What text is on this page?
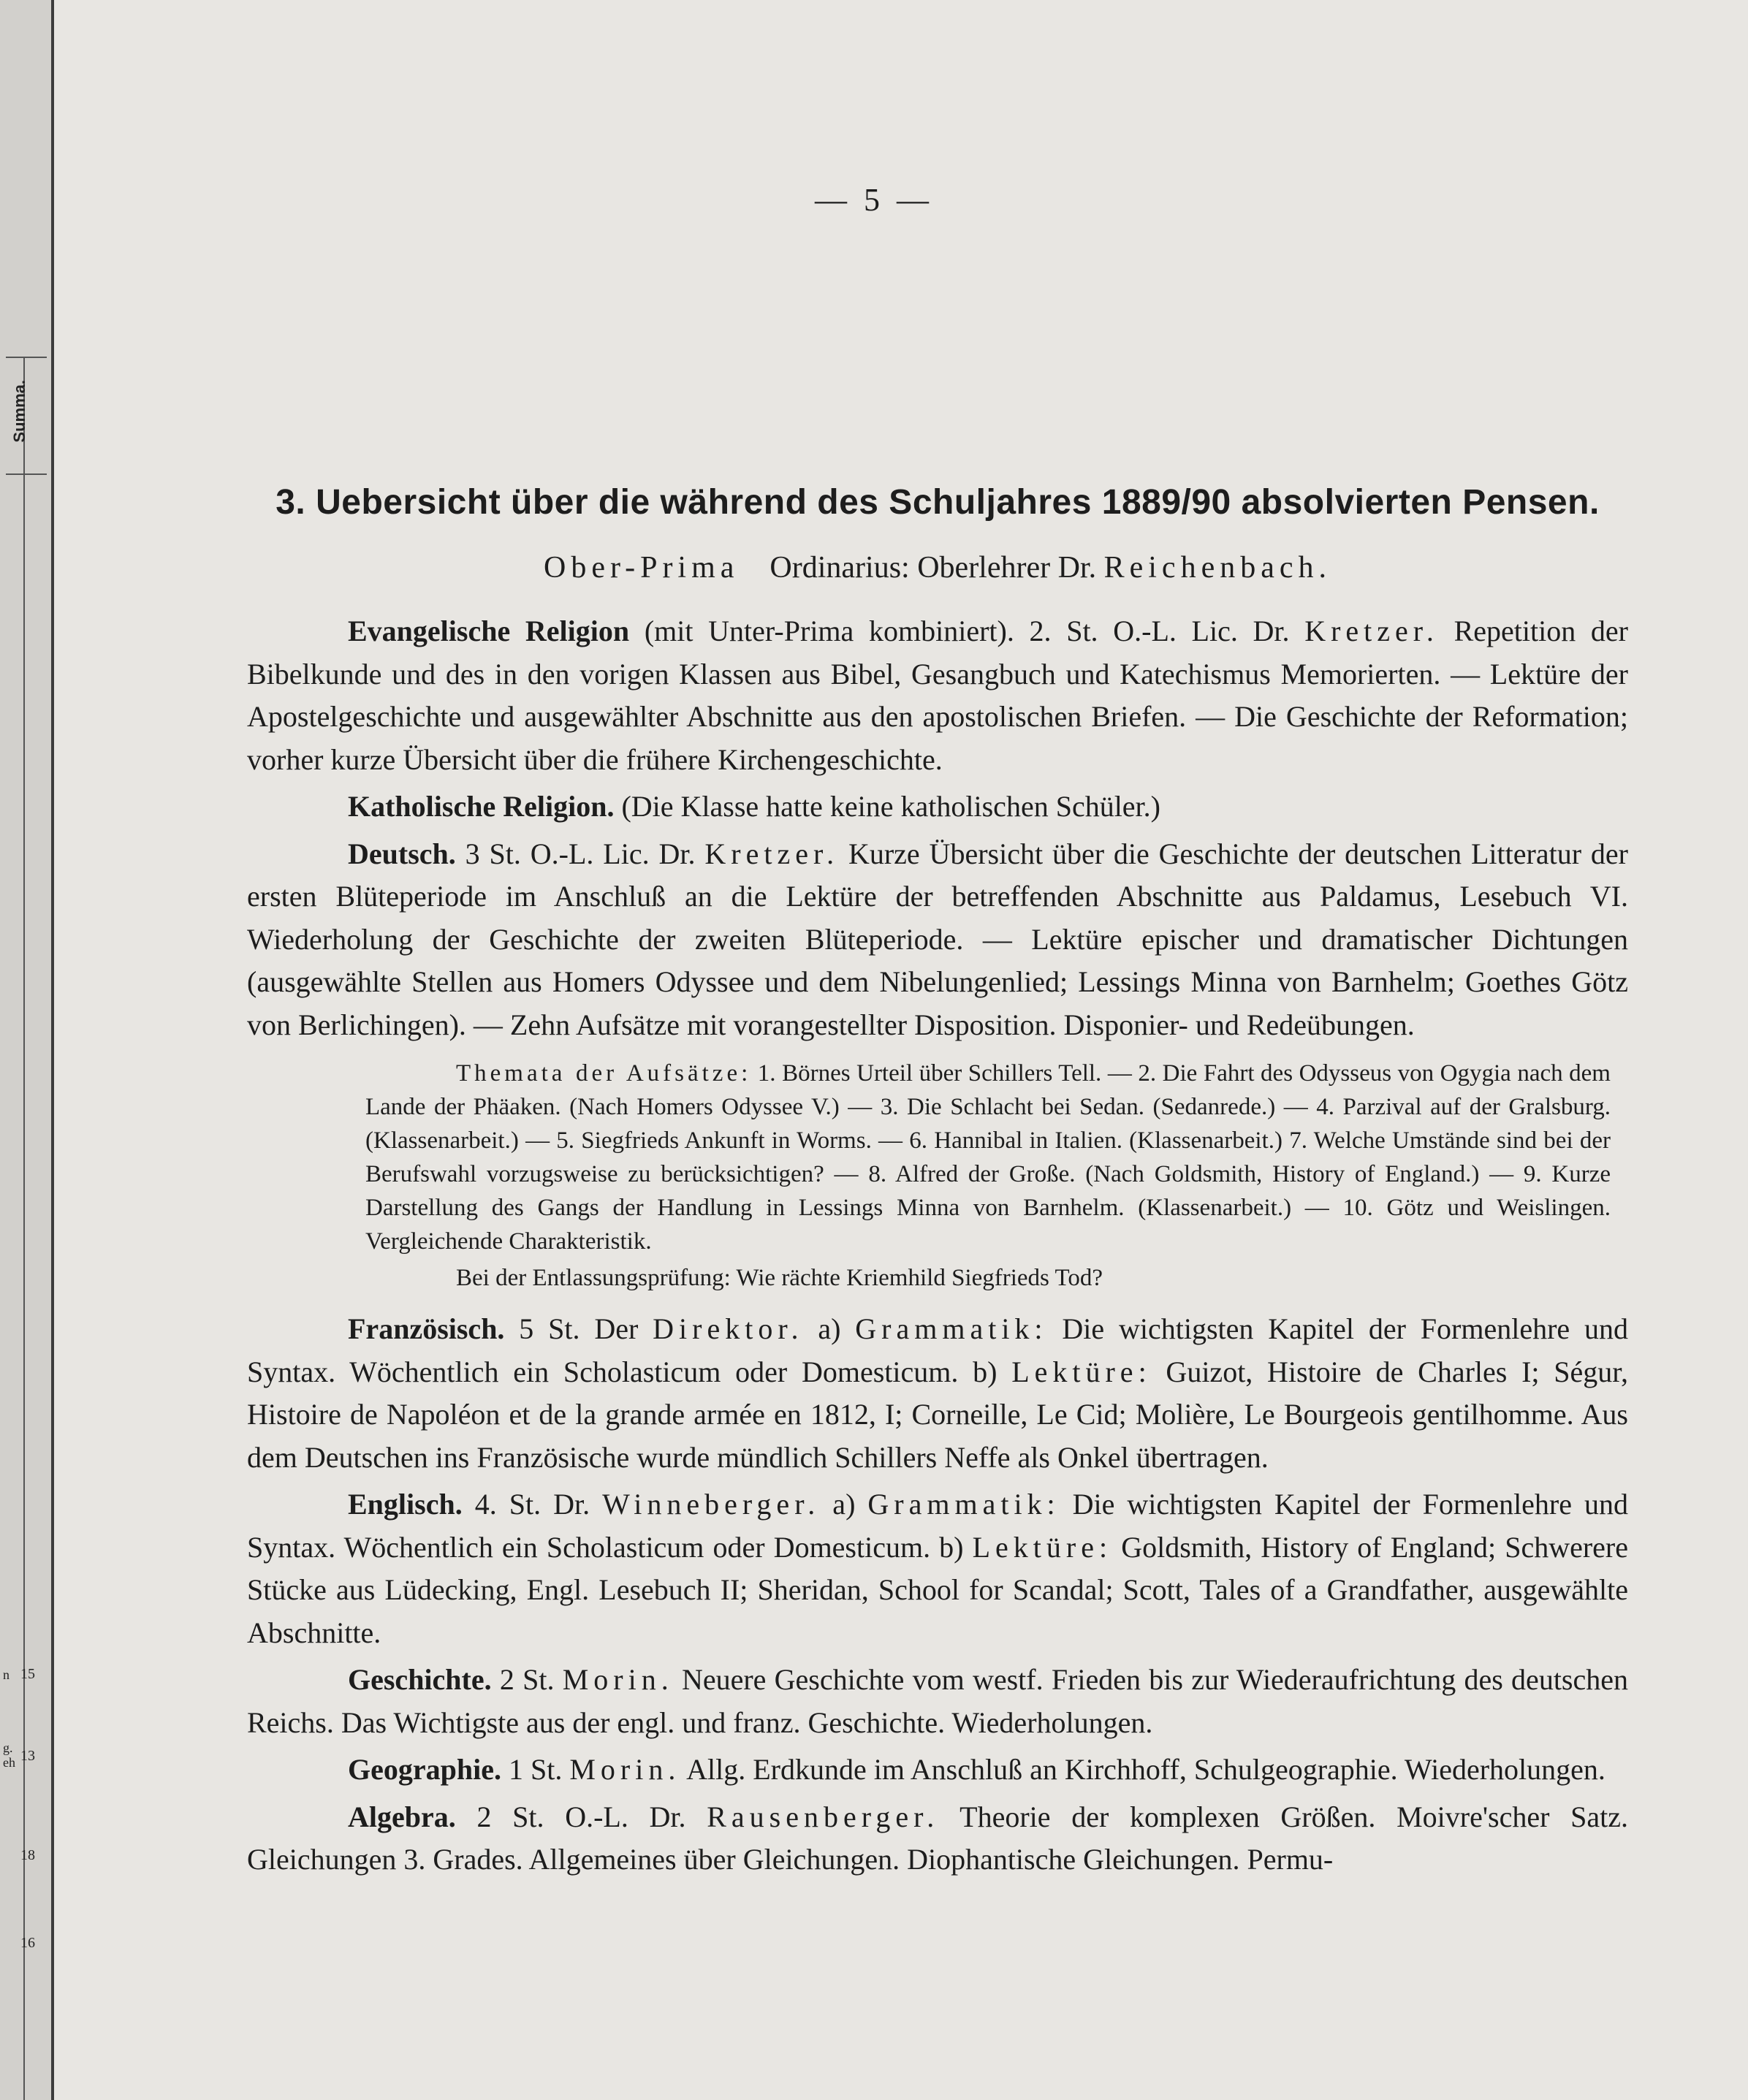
Summa.
n 15
g.
eh 13
18
16
— 5 —
3. Uebersicht über die während des Schuljahres 1889/90 absolvierten Pensen.
Ober-Prima Ordinarius: Oberlehrer Dr. Reichenbach.

Evangelische Religion (mit Unter-Prima kombiniert). 2. St. O.-L. Lic. Dr. Kretzer. Repetition der Bibelkunde und des in den vorigen Klassen aus Bibel, Gesangbuch und Katechismus Memorierten. — Lektüre der Apostelgeschichte und ausgewählter Abschnitte aus den apostolischen Briefen. — Die Geschichte der Reformation; vorher kurze Übersicht über die frühere Kirchengeschichte.

Katholische Religion. (Die Klasse hatte keine katholischen Schüler.)

Deutsch. 3 St. O.-L. Lic. Dr. Kretzer. Kurze Übersicht über die Geschichte der deutschen Litteratur der ersten Blüteperiode im Anschluß an die Lektüre der betreffenden Abschnitte aus Paldamus, Lesebuch VI. Wiederholung der Geschichte der zweiten Blüteperiode. — Lektüre epischer und dramatischer Dichtungen (ausgewählte Stellen aus Homers Odyssee und dem Nibelungenlied; Lessings Minna von Barnhelm; Goethes Götz von Berlichingen). — Zehn Aufsätze mit vorangestellter Disposition. Disponier- und Redeübungen.

Themata der Aufsätze: 1. Börnes Urteil über Schillers Tell. — 2. Die Fahrt des Odysseus von Ogygia nach dem Lande der Phäaken. (Nach Homers Odyssee V.) — 3. Die Schlacht bei Sedan. (Sedanrede.) — 4. Parzival auf der Gralsburg. (Klassenarbeit.) — 5. Siegfrieds Ankunft in Worms. — 6. Hannibal in Italien. (Klassenarbeit.) 7. Welche Umstände sind bei der Berufswahl vorzugsweise zu berücksichtigen? — 8. Alfred der Große. (Nach Goldsmith, History of England.) — 9. Kurze Darstellung des Gangs der Handlung in Lessings Minna von Barnhelm. (Klassenarbeit.) — 10. Götz und Weislingen. Vergleichende Charakteristik.

Bei der Entlassungsprüfung: Wie rächte Kriemhild Siegfrieds Tod?

Französisch. 5 St. Der Direktor. a) Grammatik: Die wichtigsten Kapitel der Formenlehre und Syntax. Wöchentlich ein Scholasticum oder Domesticum. b) Lektüre: Guizot, Histoire de Charles I; Ségur, Histoire de Napoléon et de la grande armée en 1812, I; Corneille, Le Cid; Molière, Le Bourgeois gentilhomme. Aus dem Deutschen ins Französische wurde mündlich Schillers Neffe als Onkel übertragen.

Englisch. 4. St. Dr. Winneberger. a) Grammatik: Die wichtigsten Kapitel der Formenlehre und Syntax. Wöchentlich ein Scholasticum oder Domesticum. b) Lektüre: Goldsmith, History of England; Schwerere Stücke aus Lüdecking, Engl. Lesebuch II; Sheridan, School for Scandal; Scott, Tales of a Grandfather, ausgewählte Abschnitte.

Geschichte. 2 St. Morin. Neuere Geschichte vom westf. Frieden bis zur Wiederaufrichtung des deutschen Reichs. Das Wichtigste aus der engl. und franz. Geschichte. Wiederholungen.

Geographie. 1 St. Morin. Allg. Erdkunde im Anschluß an Kirchhoff, Schulgeographie. Wiederholungen.

Algebra. 2 St. O.-L. Dr. Rausenberger. Theorie der komplexen Größen. Moivre'scher Satz. Gleichungen 3. Grades. Allgemeines über Gleichungen. Diophantische Gleichungen. Permu-
